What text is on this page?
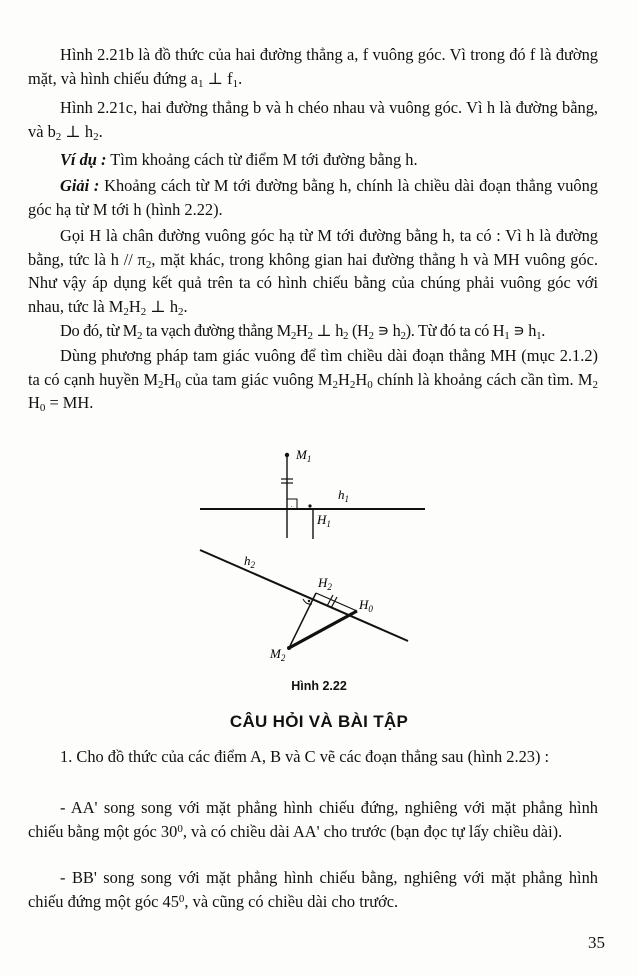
Hình 2.21b là đồ thức của hai đường thẳng a, f vuông góc. Vì trong đó f là đường mặt, và hình chiếu đứng $a_1$ ⊥ $f_1$.
Hình 2.21c, hai đường thẳng b và h chéo nhau và vuông góc. Vì h là đường bằng, và $b_2$ ⊥ $h_2$.
Ví dụ : Tìm khoảng cách từ điểm M tới đường bằng h.
Giải : Khoảng cách từ M tới đường bằng h, chính là chiều dài đoạn thẳng vuông góc hạ từ M tới h (hình 2.22).
Gọi H là chân đường vuông góc hạ từ M tới đường bằng h, ta có : Vì h là đường bằng, tức là h // $\pi_2$, mặt khác, trong không gian hai đường thẳng h và MH vuông góc. Như vậy áp dụng kết quả trên ta có hình chiếu bằng của chúng phải vuông góc với nhau, tức là $M_2H_2$ ⊥ $h_2$.
Do đó, từ $M_2$ ta vạch đường thẳng $M_2H_2$ ⊥ $h_2$ ($H_2$ ∍ $h_2$). Từ đó ta có $H_1$ ∍ $h_1$.
Dùng phương pháp tam giác vuông để tìm chiều dài đoạn thẳng MH (mục 2.1.2) ta có cạnh huyền $M_2H_0$ của tam giác vuông $M_2H_2H_0$ chính là khoảng cách cần tìm. $M_2$ $H_0$ = MH.
.
$M_1$
$h_1$
$H_1$
$h_2$
$H_2$
$H_0$
$M_2$
Hình 2.22
CÂU HỎI VÀ BÀI TẬP
1. Cho đồ thức của các điểm A, B và C vẽ các đoạn thẳng sau (hình 2.23) :
- AA' song song với mặt phẳng hình chiếu đứng, nghiêng với mặt phẳng hình chiếu bằng một góc $30^0$, và có chiều dài AA' cho trước (bạn đọc tự lấy chiều dài).
- BB' song song với mặt phẳng hình chiếu bằng, nghiêng với mặt phẳng hình chiếu đứng một góc $45^0$, và cũng có chiều dài cho trước.
35
